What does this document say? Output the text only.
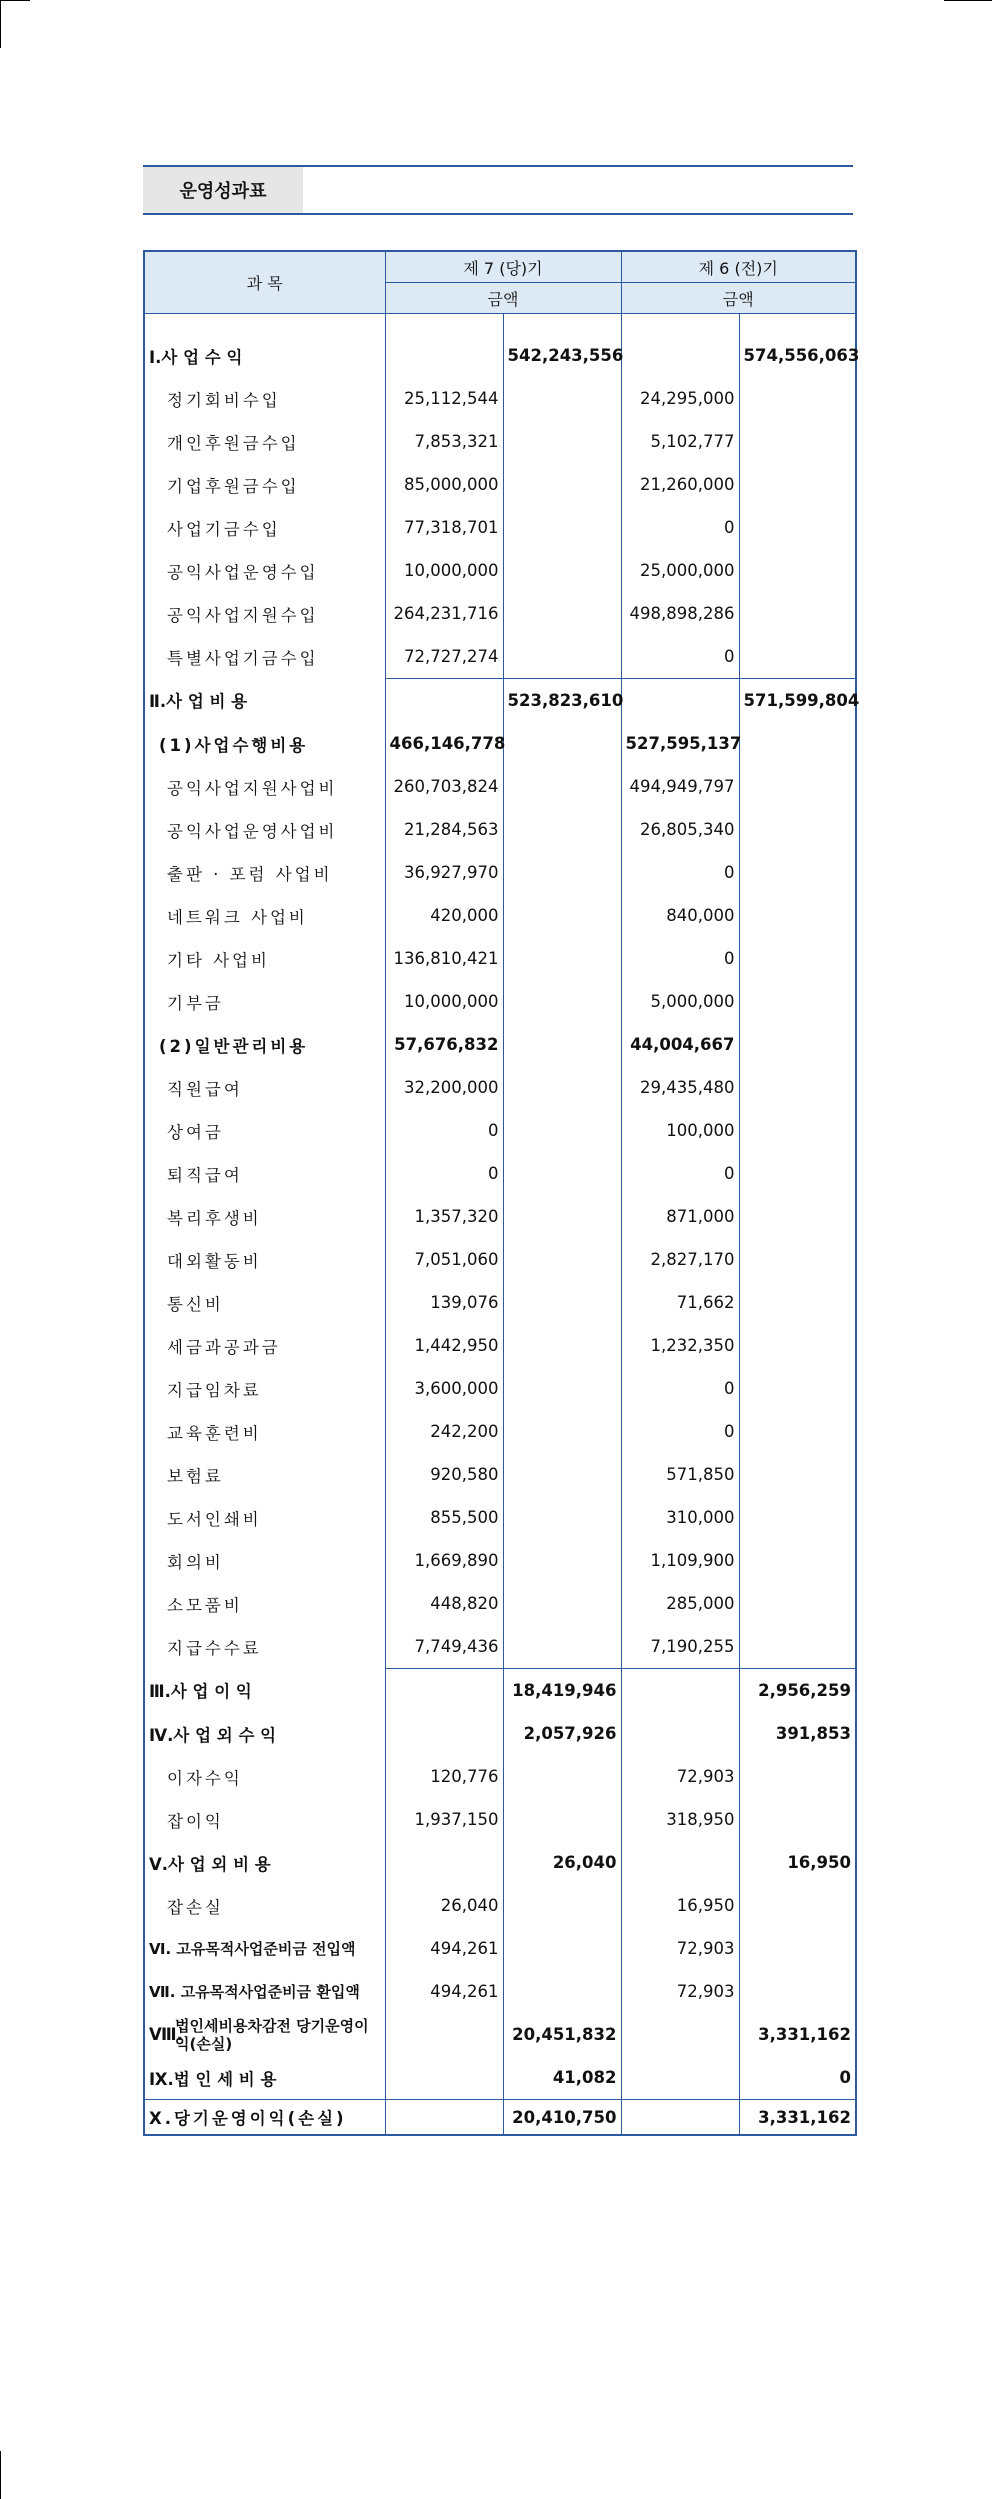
운영성과표
과 목	제 7 (당)기		제 6 (전)기	
	금액		금액	

Ⅰ.사 업 수 익		542,243,556		574,556,063
정기회비수입	25,112,544		24,295,000	
개인후원금수입	7,853,321		5,102,777	
기업후원금수입	85,000,000		21,260,000	
사업기금수입	77,318,701		0	
공익사업운영수입	10,000,000		25,000,000	
공익사업지원수입	264,231,716		498,898,286	
특별사업기금수입	72,727,274		0	

Ⅱ.사 업 비 용		523,823,610		571,599,804
(1)사업수행비용	466,146,778		527,595,137	
공익사업지원사업비	260,703,824		494,949,797	
공익사업운영사업비	21,284,563		26,805,340	
출판 · 포럼 사업비	36,927,970		0	
네트워크 사업비	420,000		840,000	
기타 사업비	136,810,421		0	
기부금	10,000,000		5,000,000	
(2)일반관리비용	57,676,832		44,004,667	
직원급여	32,200,000		29,435,480	
상여금	0		100,000	
퇴직급여	0		0	
복리후생비	1,357,320		871,000	
대외활동비	7,051,060		2,827,170	
통신비	139,076		71,662	
세금과공과금	1,442,950		1,232,350	
지급임차료	3,600,000		0	
교육훈련비	242,200		0	
보험료	920,580		571,850	
도서인쇄비	855,500		310,000	
회의비	1,669,890		1,109,900	
소모품비	448,820		285,000	
지급수수료	7,749,436		7,190,255	

Ⅲ.사 업 이 익		18,419,946		2,956,259

Ⅳ.사 업 외 수 익		2,057,926		391,853
이자수익	120,776		72,903	
잡이익	1,937,150		318,950	

Ⅴ.사 업 외 비 용		26,040		16,950
잡손실	26,040		16,950	
Ⅵ. 고유목적사업준비금 전입액	494,261		72,903	
Ⅶ. 고유목적사업준비금 환입액	494,261		72,903	

Ⅷ.
법인세비용차감전 당기운영이익(손실)		20,451,832		3,331,162

Ⅸ.법 인 세 비 용		41,082		0
Ⅹ.당기운영이익(손실)		20,410,750		3,331,162
